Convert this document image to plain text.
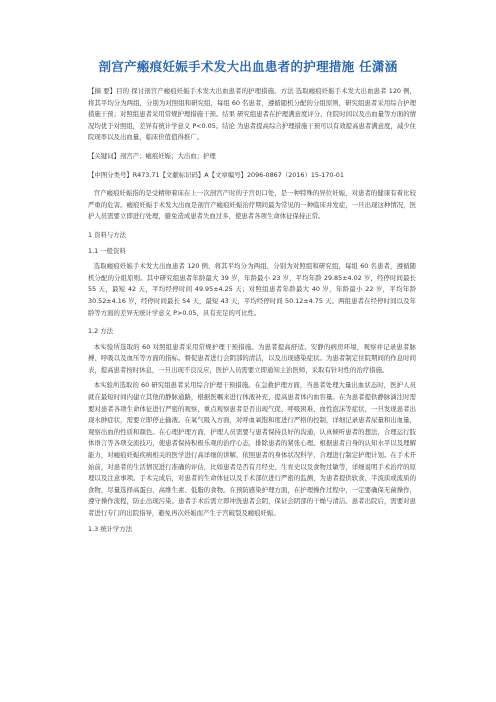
剖宫产瘢痕妊娠手术发大出血患者的护理措施 任潇涵

【摘 要】目的 探讨剖宫产瘢痕妊娠手术发大出血患者的护理措施。方法 选取瘢痕妊娠手术发大出血患者 120 例，将其平均分为两组，分别为对照组和研究组，每组 60 名患者，遵循随机分配的分组原则，研究组患者采用综合护理措施干预；对照组患者采用常规护理措施干预。结果 研究组患者在护理满意度评分、住院时间以及出血量等方面的情况均优于对照组，差异有统计学意义 P<0.05。结论 为患者提高综合护理措施干预可以有效提高患者满意度，减少住院现率以及出血量，临床价值值得推广。

【关键词】剖宫产；瘢痕妊娠；大出血；护理

【中图分类号】R473.71【文献标识码】A【文章编号】2096-0867（2016）15-170-01

宫产瘢痕妊娠指的是受精卵着床在上一次剖宫产时的子宫切口处，是一种特殊的异位妊娠，对患者的健康有着比较严重的危害。瘢痕妊娠手术发大出血是剖宫产瘢痕妊娠治疗期间最为常见的一种临床并发症，一旦出现这种情况，医护人员需要立即进行处理，避免造成患者失血过多，使患者各项生命体征保持正常。

1 资料与方法

1.1 一般资料

选取瘢痕妊娠手术发大出血患者 120 例，将其平均分为两组，分别为对照组和研究组，每组 60 名患者，遵循随机分配的分组原则。其中研究组患者年龄最大 39 岁，年龄最小 23 岁，平均年龄 29.85±4.02 岁，经停时间最长 55 天，最短 42 天，平均经停时间 49.95±4.25 天；对照组患者年龄最大 40 岁，年龄最小 22 岁，平均年龄 30.52±4.16 岁，经停时间最长 54 天，最短 43 天，平均经停时间 50.12±4.75 天。两组患者在经停时间以及年龄等方面的差异无统计学意义 P>0.05，具有充足的可比性。

1.2 方法

本实验所选取的 60 对照组患者采用常规护理干预措施。为患者提高舒适、安静的病房环境，观察并记录患者脉搏、呼吸以及血压等方面的指标。督促患者进行会阴部的清洁，以及出现感染症状。为患者制定住院期间的作息时间表，提高患者按时休息，一旦出现不良反应，医护人员需要立即通知主治医师，采取有针对性的治疗措施。

本实验所选取的 60 研究组患者采用综合护理干预措施。在急救护理方面，当患者处理大量出血状态时，医护人员就在最短时间内建立其他的静脉通路，根据医嘱来进行体液补充，提高患者体内血容量。在为患者提供静脉滴注时需要对患者各项生命体征进行严密的观察，重点观察患者是否出现气促、呼吸困难、血性泡沫等症状，一旦发现患者出现水肿症状，需要立即停止输液。在氧气吸入方面，对呼血氧饱和度进行严格的控制，详细记录患者尿量和出血量，观察出血的性质和颜色。在心理护理方面，护理人员需要与患者保持良好的沟通，认真倾听患者的想法，合理运行肢体语言等各项交流技巧，使患者保持积极乐观的治疗心态，排除患者的紧张心理。根据患者自身的认知水平以及理解能力，对瘢痕妊娠疾病相关的医学进行高详细的讲解，依照患者的身体状况科学、合理进行制定护理计划。在手术开始前，对患者的生活情况进行准确的评估，比如患者是否有月经史、生育史以及食物过敏等，详细说明手术治疗的原理以及注意事项。手术完成后，对患者的生命体征以及手术部位进行严密的监测，为患者提供软食、半流质或流质的食物，尽量选择高蛋白、高维生素、低脂的食物。在预防感染护理方面，在护理操作过程中，一定要确保无菌操作，遵守操作流程，防止出现污染。患者手术后需立即冲洗患者会阴，保证会阴部的干燥与清洁。患者出院后，需要对患者进行专门的出院指导，避免再次妊娠而产生子宫破裂及瘢痕妊娠。

1.3 统计学方法
